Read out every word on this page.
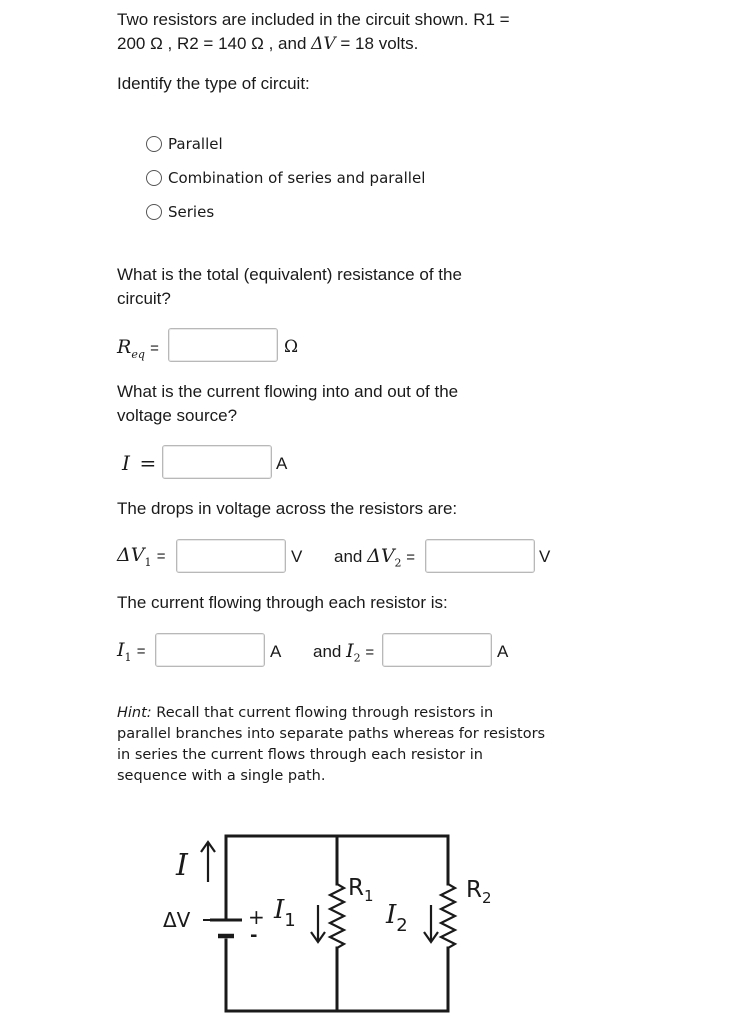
Two resistors are included in the circuit shown. R1 =
200 Ω , R2 = 140 Ω , and ΔV = 18 volts.
Identify the type of circuit:
Parallel
Combination of series and parallel
Series
What is the total (equivalent) resistance of the
circuit?
$R_{eq}$ =	Ω
What is the current flowing into and out of the
voltage source?
I =	A
The drops in voltage across the resistors are:
$\Delta V_1$ =	V and $\Delta V_2$ =	V
The current flowing through each resistor is:
$I_1$ =	A and $I_2$ =	A
Hint: Recall that current flowing through resistors in
parallel branches into separate paths whereas for resistors
in series the current flows through each resistor in
sequence with a single path.
I
ΔV	+
-
I1	I2
R1	R2
